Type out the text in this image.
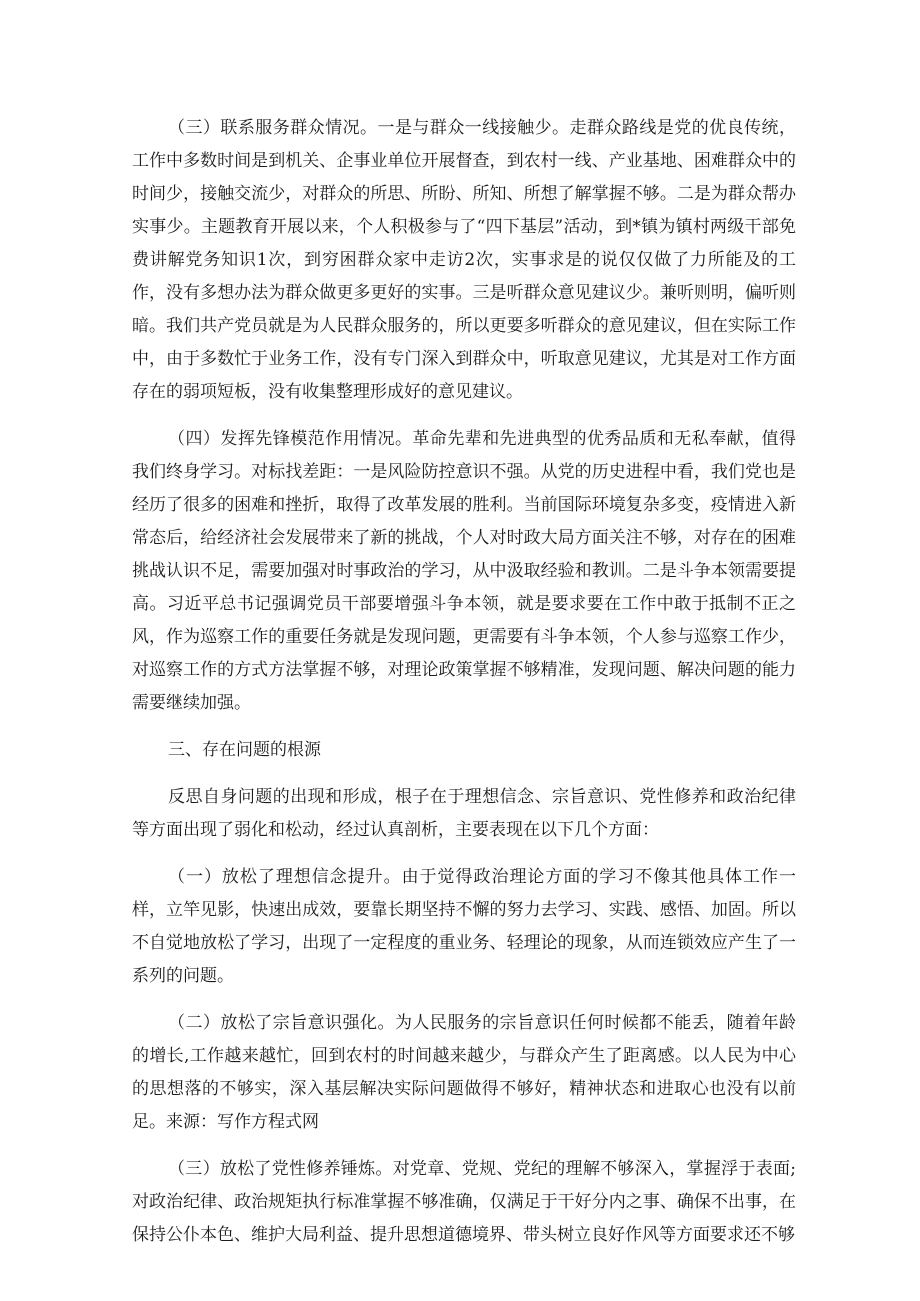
（三）联系服务群众情况。一是与群众一线接触少。走群众路线是党的优良传统，工作中多数时间是到机关、企事业单位开展督查，到农村一线、产业基地、困难群众中的时间少，接触交流少，对群众的所思、所盼、所知、所想了解掌握不够。二是为群众帮办实事少。主题教育开展以来，个人积极参与了“四下基层”活动，到*镇为镇村两级干部免费讲解党务知识1次，到穷困群众家中走访2次，实事求是的说仅仅做了力所能及的工作，没有多想办法为群众做更多更好的实事。三是听群众意见建议少。兼听则明，偏听则暗。我们共产党员就是为人民群众服务的，所以更要多听群众的意见建议，但在实际工作中，由于多数忙于业务工作，没有专门深入到群众中，听取意见建议，尤其是对工作方面存在的弱项短板，没有收集整理形成好的意见建议。

（四）发挥先锋模范作用情况。革命先辈和先进典型的优秀品质和无私奉献，值得我们终身学习。对标找差距：一是风险防控意识不强。从党的历史进程中看，我们党也是经历了很多的困难和挫折，取得了改革发展的胜利。当前国际环境复杂多变，疫情进入新常态后，给经济社会发展带来了新的挑战，个人对时政大局方面关注不够，对存在的困难挑战认识不足，需要加强对时事政治的学习，从中汲取经验和教训。二是斗争本领需要提高。习近平总书记强调党员干部要增强斗争本领，就是要求要在工作中敢于抵制不正之风，作为巡察工作的重要任务就是发现问题，更需要有斗争本领，个人参与巡察工作少，对巡察工作的方式方法掌握不够，对理论政策掌握不够精准，发现问题、解决问题的能力需要继续加强。

三、存在问题的根源

反思自身问题的出现和形成，根子在于理想信念、宗旨意识、党性修养和政治纪律等方面出现了弱化和松动，经过认真剖析，主要表现在以下几个方面：

（一）放松了理想信念提升。由于觉得政治理论方面的学习不像其他具体工作一样，立竿见影，快速出成效，要靠长期坚持不懈的努力去学习、实践、感悟、加固。所以不自觉地放松了学习，出现了一定程度的重业务、轻理论的现象，从而连锁效应产生了一系列的问题。

（二）放松了宗旨意识强化。为人民服务的宗旨意识任何时候都不能丢，随着年龄的增长,工作越来越忙，回到农村的时间越来越少，与群众产生了距离感。以人民为中心的思想落的不够实，深入基层解决实际问题做得不够好，精神状态和进取心也没有以前足。来源：写作方程式网

（三）放松了党性修养锤炼。对党章、党规、党纪的理解不够深入，掌握浮于表面;对政治纪律、政治规矩执行标准掌握不够准确，仅满足于干好分内之事、确保不出事，在保持公仆本色、维护大局利益、提升思想道德境界、带头树立良好作风等方面要求还不够
